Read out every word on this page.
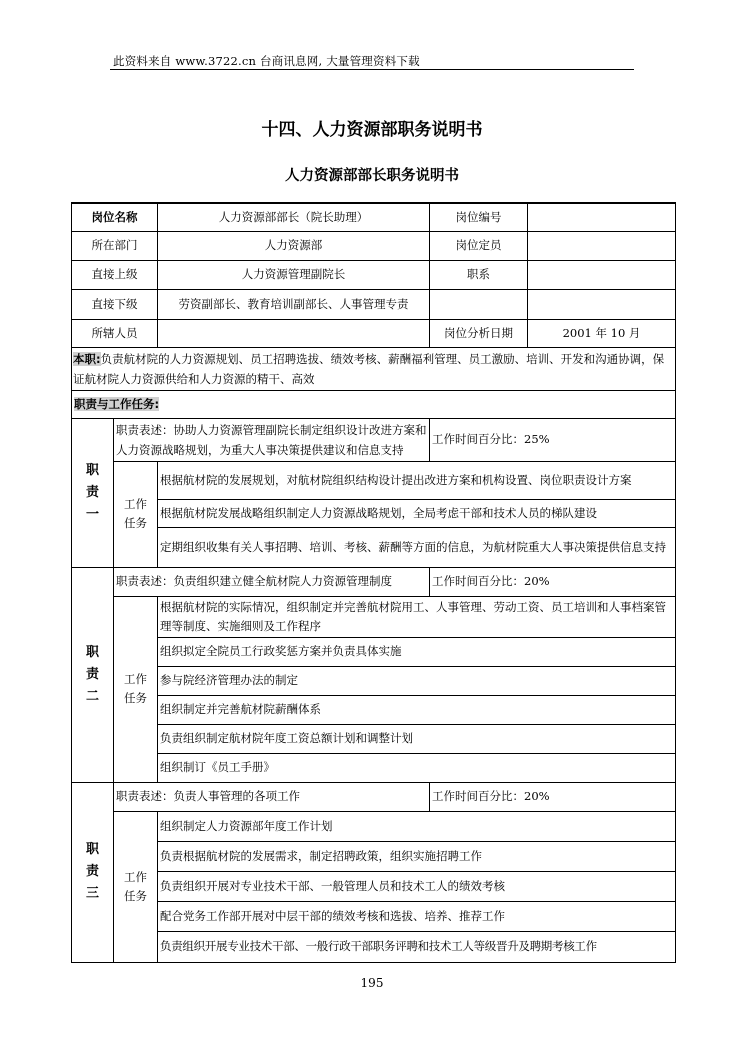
此资料来自 www.3722.cn 台商讯息网, 大量管理资料下载
十四、人力资源部职务说明书
人力资源部部长职务说明书
岗位名称		人力资源部部长（院长助理）	岗位编号	
所在部门		人力资源部	岗位定员	
直接上级		人力资源管理副院长	职系	
直接下级		劳资副部长、教育培训副部长、人事管理专责		
所辖人员			岗位分析日期	2001 年 10 月
本职:负责航材院的人力资源规划、员工招聘选拔、绩效考核、薪酬福利管理、员工激励、培训、开发和沟通协调，保证航材院人力资源供给和人力资源的精干、高效				
职责与工作任务:				
职责一	职责表述：协助人力资源管理副院长制定组织设计改进方案和人力资源战略规划，为重大人事决策提供建议和信息支持		工作时间百分比：25%	
	工作任务	根据航材院的发展规划，对航材院组织结构设计提出改进方案和机构设置、岗位职责设计方案		
		根据航材院发展战略组织制定人力资源战略规划，全局考虑干部和技术人员的梯队建设		
		定期组织收集有关人事招聘、培训、考核、薪酬等方面的信息，为航材院重大人事决策提供信息支持		
职责二	职责表述：负责组织建立健全航材院人力资源管理制度		工作时间百分比：20%	
	工作任务	根据航材院的实际情况，组织制定并完善航材院用工、人事管理、劳动工资、员工培训和人事档案管理等制度、实施细则及工作程序		
		组织拟定全院员工行政奖惩方案并负责具体实施		
		参与院经济管理办法的制定		
		组织制定并完善航材院薪酬体系		
		负责组织制定航材院年度工资总额计划和调整计划		
		组织制订《员工手册》		
职责三	职责表述：负责人事管理的各项工作		工作时间百分比：20%	
	工作任务	组织制定人力资源部年度工作计划		
		负责根据航材院的发展需求，制定招聘政策，组织实施招聘工作		
		负责组织开展对专业技术干部、一般管理人员和技术工人的绩效考核		
		配合党务工作部开展对中层干部的绩效考核和选拔、培养、推荐工作		
		负责组织开展专业技术干部、一般行政干部职务评聘和技术工人等级晋升及聘期考核工作		
195
